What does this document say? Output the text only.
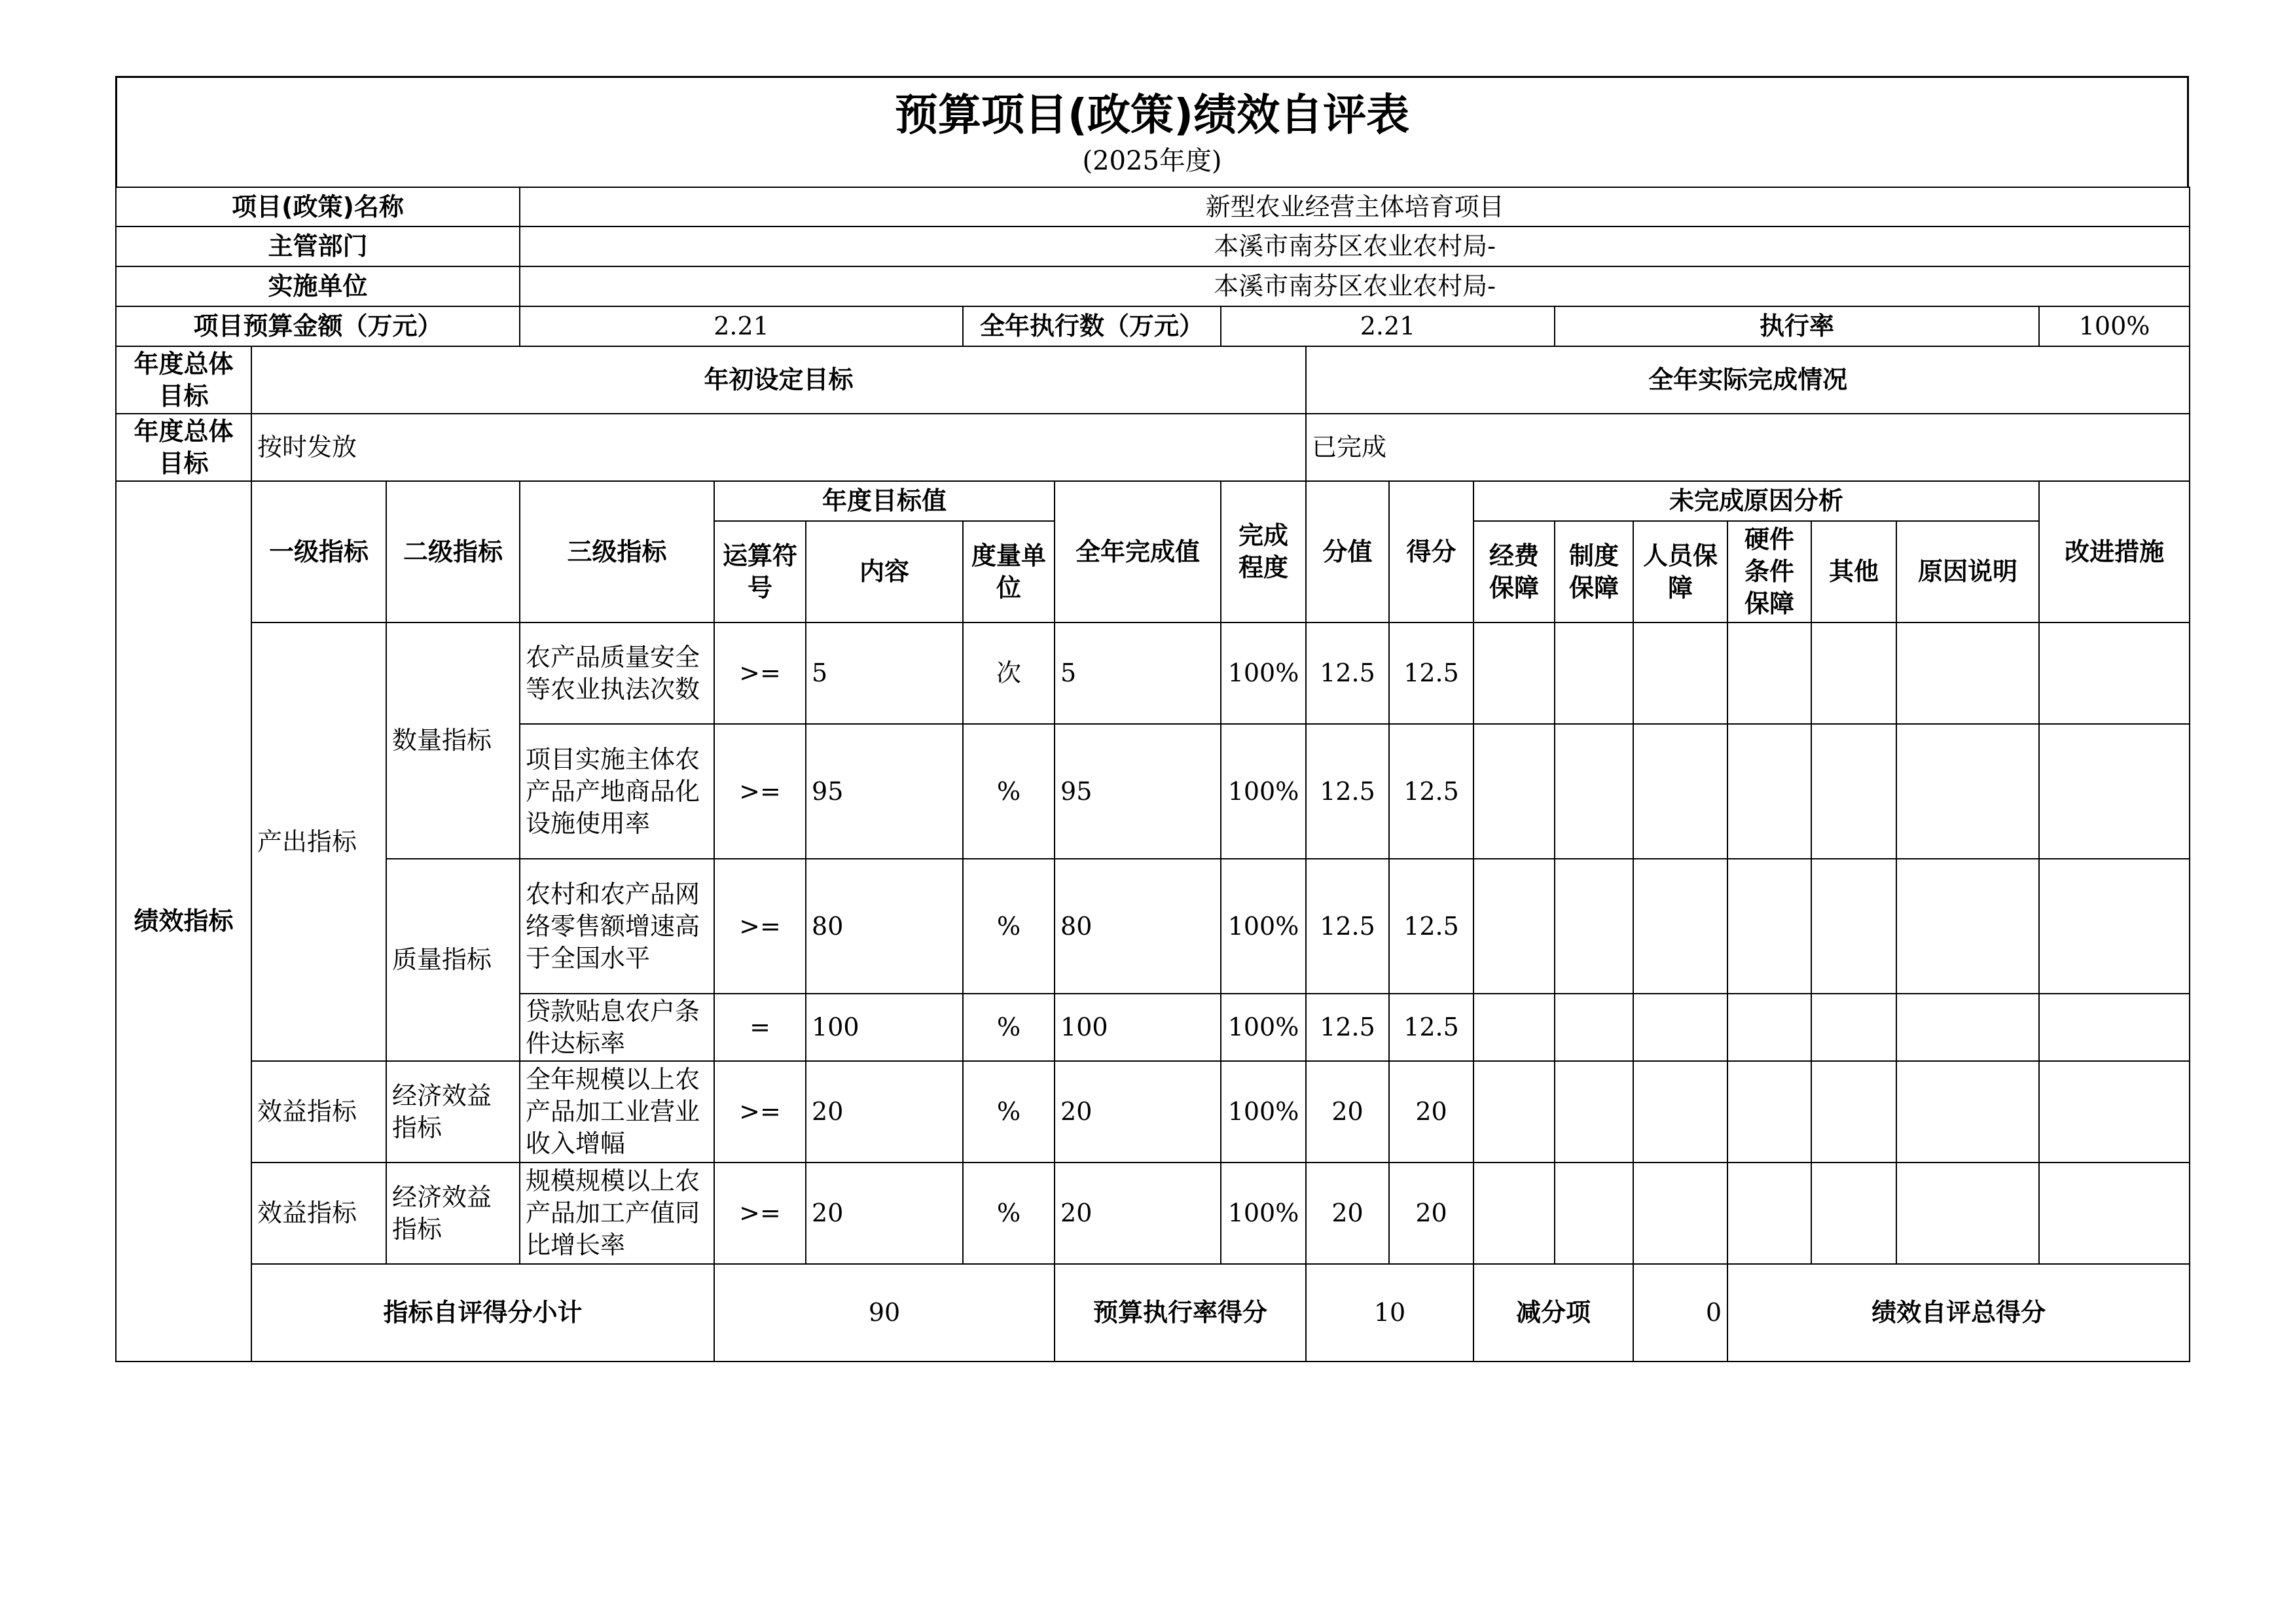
预算项目(政策)绩效自评表
(2025年度)
项目(政策)名称			新型农业经营主体培育项目															
主管部门			本溪市南芬区农业农村局-															
实施单位			本溪市南芬区农业农村局-															
项目预算金额（万元）			2.21			全年执行数（万元）		2.21				执行率					100%	
年度总体目标	年初设定目标								全年实际完成情况									
年度总体目标	按时发放								已完成									
绩效指标	一级指标	二级指标	三级指标	年度目标值			全年完成值	完成程度	分值	得分	未完成原因分析						改进措施	
				运算符号	内容	度量单位					经费保障	制度保障	人员保障	硬件条件保障	其他	原因说明		
	产出指标	数量指标	农产品质量安全等农业执法次数	>=	5	次	5	100%	12.5	12.5								
			项目实施主体农产品产地商品化设施使用率	>=	95	%	95	100%	12.5	12.5								
		质量指标	农村和农产品网络零售额增速高于全国水平	>=	80	%	80	100%	12.5	12.5								
			贷款贴息农户条件达标率	=	100	%	100	100%	12.5	12.5								
	效益指标	经济效益指标	全年规模以上农产品加工业营业收入增幅	>=	20	%	20	100%	20	20								
	效益指标	经济效益指标	规模规模以上农产品加工产值同比增长率	>=	20	%	20	100%	20	20								
	指标自评得分小计			90			预算执行率得分		10		减分项		0	绩效自评总得分	
